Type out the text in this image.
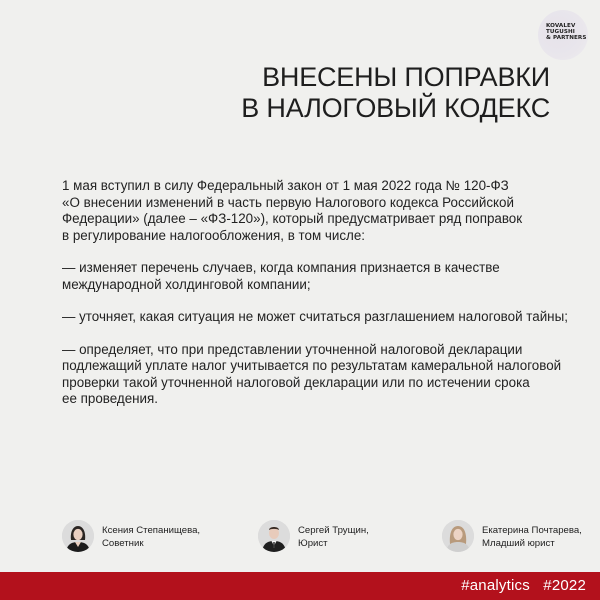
KOVALEV
TUGUSHI
& PARTNERS
ВНЕСЕНЫ ПОПРАВКИ
В НАЛОГОВЫЙ КОДЕКС

1 мая вступил в силу Федеральный закон от 1 мая 2022 года № 120-ФЗ
«О внесении изменений в часть первую Налогового кодекса Российской
Федерации» (далее – «ФЗ-120»), который предусматривает ряд поправок
в регулирование налогообложения, в том числе:

— изменяет перечень случаев, когда компания признается в качестве
международной холдинговой компании;

— уточняет, какая ситуация не может считаться разглашением налоговой тайны;

— определяет, что при представлении уточненной налоговой декларации
подлежащий уплате налог учитывается по результатам камеральной налоговой
проверки такой уточненной налоговой декларации или по истечении срока
ее проведения.

Ксения Степанищева,
Советник
Сергей Трущин,
Юрист
Екатерина Почтарева,
Младший юрист
#analytics #2022
